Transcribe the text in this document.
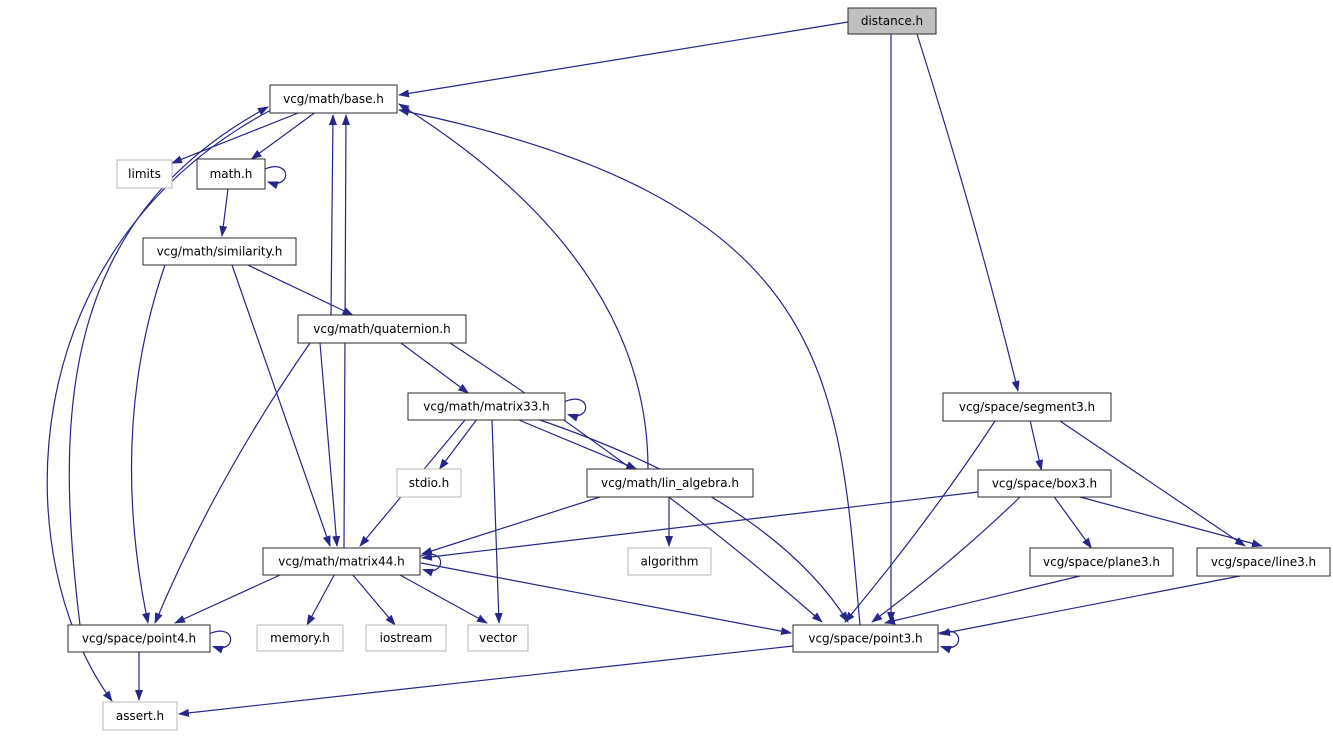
distance.h
vcg/math/base.h
limits	math.h
vcg/math/similarity.h
vcg/math/quaternion.h
vcg/math/matrix33.h
stdio.h	vcg/math/lin_algebra.h
vcg/space/segment3.h
vcg/space/box3.h
vcg/math/matrix44.h	algorithm	vcg/space/plane3.h	vcg/space/line3.h
vcg/space/point4.h	memory.h	iostream	vector	vcg/space/point3.h
assert.h
